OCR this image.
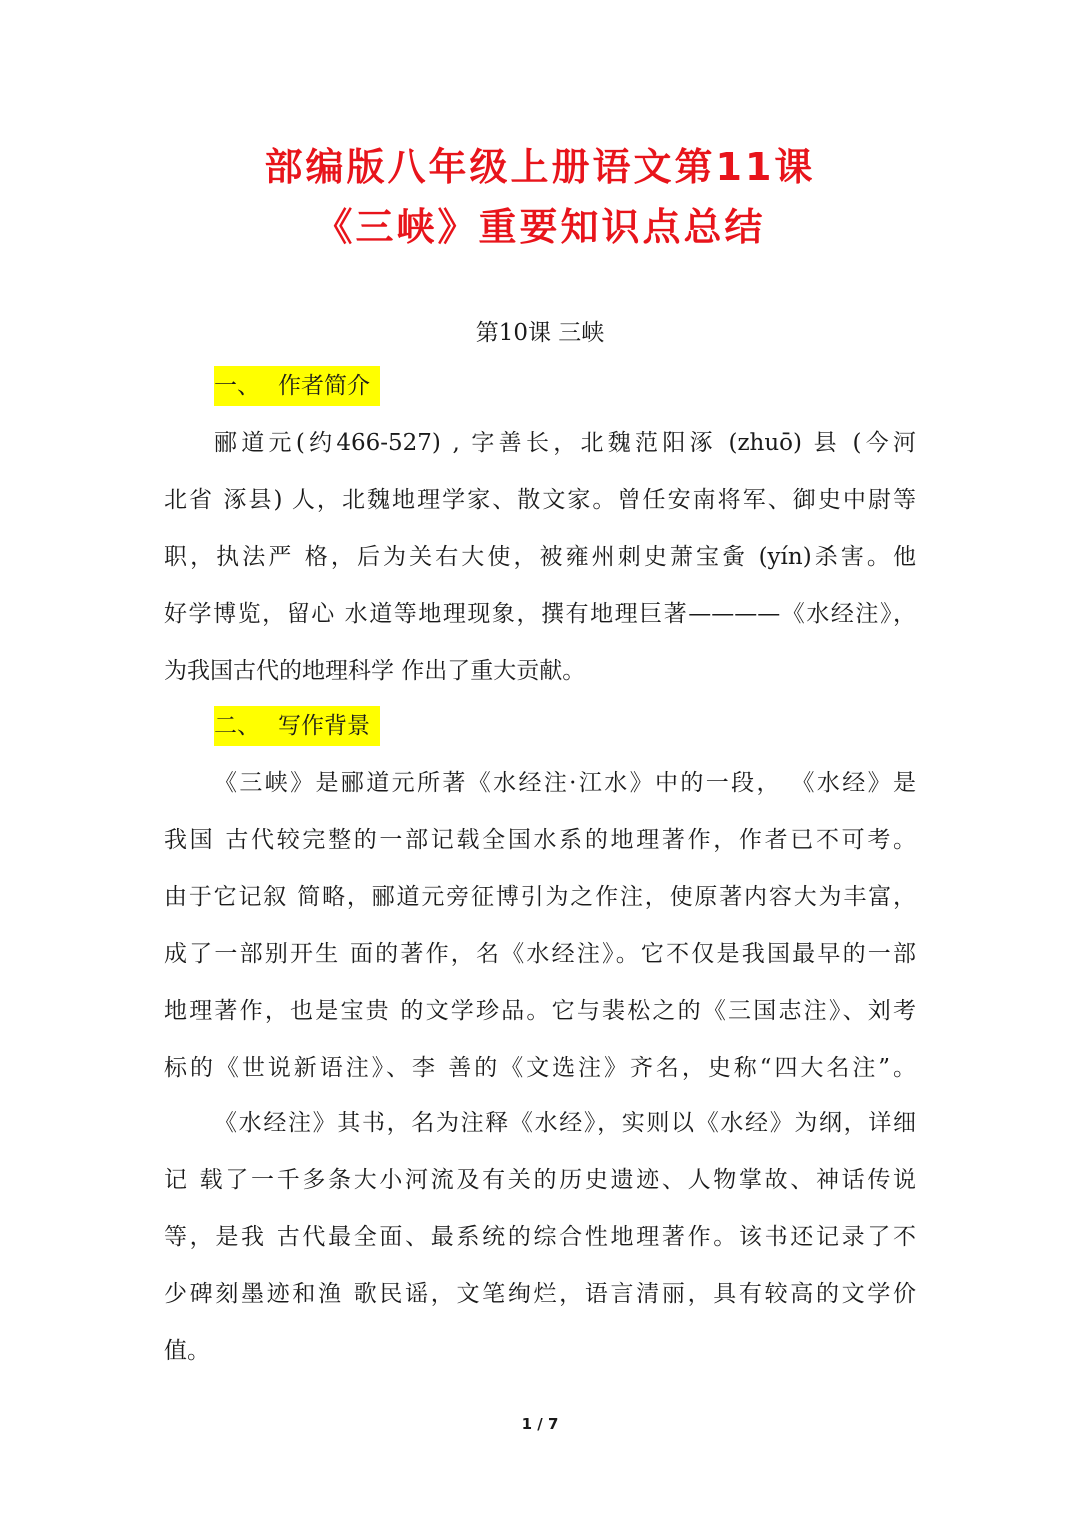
部编版八年级上册语文第11课
《三峡》重要知识点总结
第10课 三峡
一、 作者简介
郦道元(约466-527) , 字善长，北魏范阳涿 (zhuō) 县 (今河
北省 涿县) 人，北魏地理学家、散文家。曾任安南将军、御史中尉等
职，执法严 格，后为关右大使，被雍州刺史萧宝夤 (yín)杀害。他
好学博览，留心 水道等地理现象，撰有地理巨著————《水经注》，
为我国古代的地理科学 作出了重大贡献。
二、 写作背景
《三峡》是郦道元所著《水经注·江水》中的一段， 《水经》是
我国 古代较完整的一部记载全国水系的地理著作，作者已不可考。
由于它记叙 简略，郦道元旁征博引为之作注，使原著内容大为丰富，
成了一部别开生 面的著作，名《水经注》。它不仅是我国最早的一部
地理著作，也是宝贵 的文学珍品。它与裴松之的《三国志注》、刘考
标的《世说新语注》、李 善的《文选注》齐名，史称“四大名注”。
《水经注》其书，名为注释《水经》，实则以《水经》为纲，详细
记 载了一千多条大小河流及有关的历史遗迹、人物掌故、神话传说
等，是我 古代最全面、最系统的综合性地理著作。该书还记录了不
少碑刻墨迹和渔 歌民谣，文笔绚烂，语言清丽，具有较高的文学价
值。
1 / 7
